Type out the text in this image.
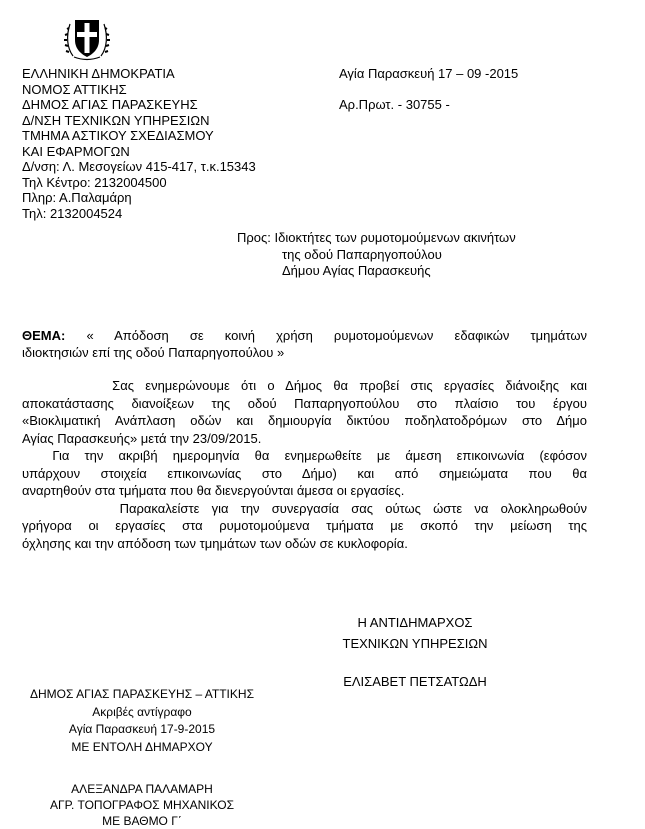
ΕΛΛΗΝΙΚΗ ΔΗΜΟΚΡΑΤΙΑ
ΝΟΜΟΣ ΑΤΤΙΚΗΣ
ΔΗΜΟΣ ΑΓΙΑΣ ΠΑΡΑΣΚΕΥΗΣ
Δ/ΝΣΗ ΤΕΧΝΙΚΩΝ ΥΠΗΡΕΣΙΩΝ
ΤΜΗΜΑ ΑΣΤΙΚΟΥ ΣΧΕΔΙΑΣΜΟΥ
ΚΑΙ ΕΦΑΡΜΟΓΩΝ
Δ/νση: Λ. Μεσογείων 415-417, τ.κ.15343
Τηλ Κέντρο: 2132004500
Πληρ: Α.Παλαμάρη
Τηλ: 2132004524
Αγία Παρασκευή 17 – 09 -2015
Αρ.Πρωτ. - 30755 -
Προς: Ιδιοκτήτες των ρυμοτομούμενων ακινήτων
της οδού Παπαρηγοπούλου
Δήμου Αγίας Παρασκευής
ΘΕΜΑ: « Απόδοση σε κοινή χρήση ρυμοτομούμενων εδαφικών τμημάτων
ιδιοκτησιών επί της οδού Παπαρηγοπούλου »
Σας ενημερώνουμε ότι ο Δήμος θα προβεί στις εργασίες διάνοιξης και
αποκατάστασης διανοίξεων της οδού Παπαρηγοπούλου στο πλαίσιο του έργου
«Βιοκλιματική Ανάπλαση οδών και δημιουργία δικτύου ποδηλατοδρόμων στο Δήμο
Αγίας Παρασκευής» μετά την 23/09/2015.
Για την ακριβή ημερομηνία θα ενημερωθείτε με άμεση επικοινωνία (εφόσον
υπάρχουν στοιχεία επικοινωνίας στο Δήμο) και από σημειώματα που θα
αναρτηθούν στα τμήματα που θα διενεργούνται άμεσα οι εργασίες.
Παρακαλείστε για την συνεργασία σας ούτως ώστε να ολοκληρωθούν
γρήγορα οι εργασίες στα ρυμοτομούμενα τμήματα με σκοπό την μείωση της
όχλησης και την απόδοση των τμημάτων των οδών σε κυκλοφορία.
Η ΑΝΤΙΔΗΜΑΡΧΟΣ
ΤΕΧΝΙΚΩΝ ΥΠΗΡΕΣΙΩΝ
ΕΛΙΣΑΒΕΤ ΠΕΤΣΑΤΩΔΗ
ΔΗΜΟΣ ΑΓΙΑΣ ΠΑΡΑΣΚΕΥΗΣ – ΑΤΤΙΚΗΣ
Ακριβές αντίγραφο
Αγία Παρασκευή 17-9-2015
ΜΕ ΕΝΤΟΛΗ ΔΗΜΑΡΧΟΥ
ΑΛΕΞΑΝΔΡΑ ΠΑΛΑΜΑΡΗ
ΑΓΡ. ΤΟΠΟΓΡΑΦΟΣ ΜΗΧΑΝΙΚΟΣ
ΜΕ ΒΑΘΜΟ Γ΄
